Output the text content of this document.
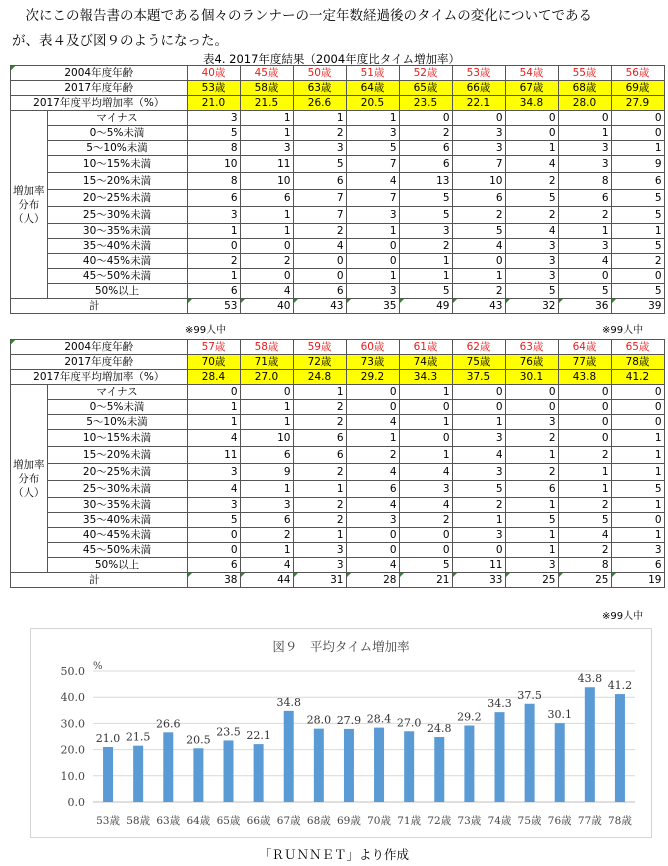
次にこの報告書の本題である個々のランナーの一定年数経過後のタイムの変化についてである

が、表４及び図９のようになった。

表4. 2017年度結果（2004年度比タイム増加率）
2004年度年齢		40歳	45歳	50歳	51歳	52歳	53歳	54歳	55歳	56歳
2017年度年齢		53歳	58歳	63歳	64歳	65歳	66歳	67歳	68歳	69歳
2017年度平均増加率（%）		21.0	21.5	26.6	20.5	23.5	22.1	34.8	28.0	27.9
増加率分布（人）	マイナス	3	1	1	1	0	0	0	0	0
	0～5%未満	5	1	2	3	2	3	0	1	0
	5～10%未満	8	3	3	5	6	3	1	3	1
	10～15%未満	10	11	5	7	6	7	4	3	9
	15～20%未満	8	10	6	4	13	10	2	8	6
	20～25%未満	6	6	7	7	5	6	5	6	5
	25～30%未満	3	1	7	3	5	2	2	2	5
	30～35%未満	1	1	2	1	3	5	4	1	1
	35～40%未満	0	0	4	0	2	4	3	3	5
	40～45%未満	2	2	0	0	1	0	3	4	2
	45～50%未満	1	0	0	1	1	1	3	0	0
	50%以上	6	4	6	3	5	2	5	5	5
計		53	40	43	35	49	43	32	36	39
※99人中	※99人中
2004年度年齢		57歳	58歳	59歳	60歳	61歳	62歳	63歳	64歳	65歳
2017年度年齢		70歳	71歳	72歳	73歳	74歳	75歳	76歳	77歳	78歳
2017年度平均増加率（%）		28.4	27.0	24.8	29.2	34.3	37.5	30.1	43.8	41.2
増加率分布（人）	マイナス	0	0	1	0	1	0	0	0	0
	0～5%未満	1	1	2	0	0	0	0	0	0
	5～10%未満	1	1	2	4	1	1	3	0	0
	10～15%未満	4	10	6	1	0	3	2	0	1
	15～20%未満	11	6	6	2	1	4	1	2	1
	20～25%未満	3	9	2	4	4	3	2	1	1
	25～30%未満	4	1	1	6	3	5	6	1	5
	30～35%未満	3	3	2	4	4	2	1	2	1
	35～40%未満	5	6	2	3	2	1	5	5	0
	40～45%未満	0	2	1	0	0	3	1	4	1
	45～50%未満	0	1	3	0	0	0	1	2	3
	50%以上	6	4	3	4	5	11	3	8	6
計		38	44	31	28	21	33	25	25	19
※99人中
図９　平均タイム増加率
%
0.0
10.0
20.0
30.0
40.0
50.0
21.0
53歳
21.5
58歳
26.6
63歳
20.5
64歳
23.5
65歳
22.1
66歳
34.8
67歳
28.0
68歳
27.9
69歳
28.4
70歳
27.0
71歳
24.8
72歳
29.2
73歳
34.3
74歳
37.5
75歳
30.1
76歳
43.8
77歳
41.2
78歳
「ＲＵＮＮＥＴ」より作成
